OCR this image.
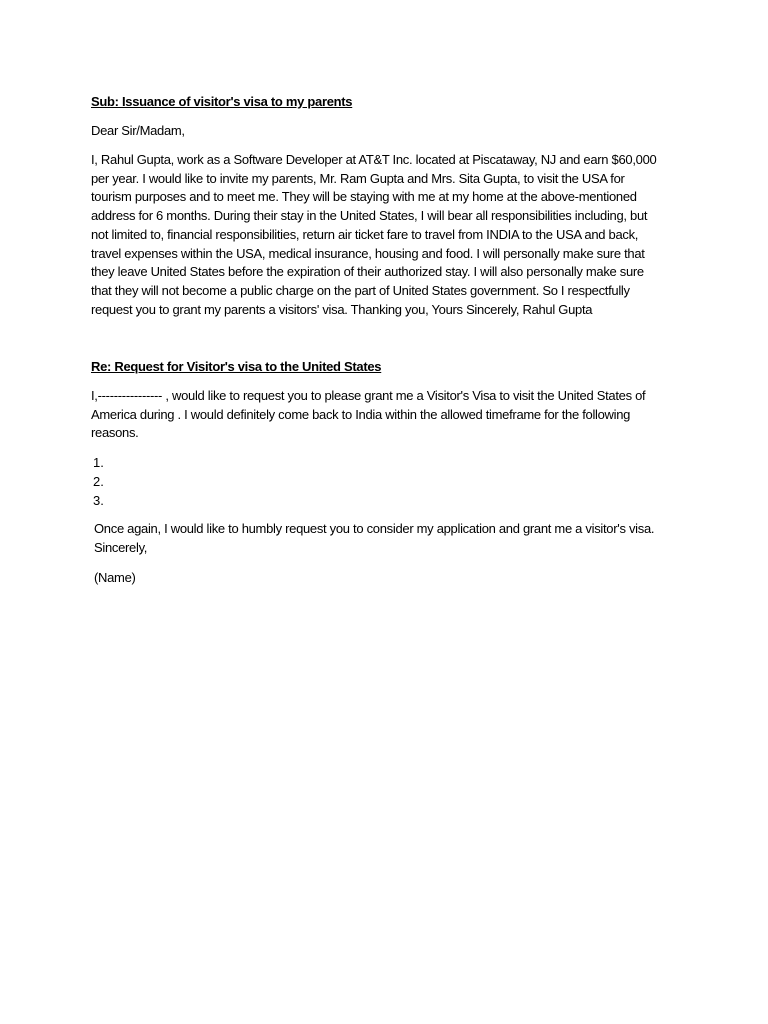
Sub: Issuance of visitor's visa to my parents
Dear Sir/Madam,
I, Rahul Gupta, work as a Software Developer at AT&T Inc. located at Piscataway, NJ and earn $60,000
per year. I would like to invite my parents, Mr. Ram Gupta and Mrs. Sita Gupta, to visit the USA for
tourism purposes and to meet me. They will be staying with me at my home at the above-mentioned
address for 6 months. During their stay in the United States, I will bear all responsibilities including, but
not limited to, financial responsibilities, return air ticket fare to travel from INDIA to the USA and back,
travel expenses within the USA, medical insurance, housing and food. I will personally make sure that
they leave United States before the expiration of their authorized stay. I will also personally make sure
that they will not become a public charge on the part of United States government. So I respectfully
request you to grant my parents a visitors' visa. Thanking you, Yours Sincerely, Rahul Gupta
Re: Request for Visitor's visa to the United States
I,---------------- , would like to request you to please grant me a Visitor's Visa to visit the United States of
America during . I would definitely come back to India within the allowed timeframe for the following
reasons.
1.
2.
3.
Once again, I would like to humbly request you to consider my application and grant me a visitor's visa.
Sincerely,
(Name)
